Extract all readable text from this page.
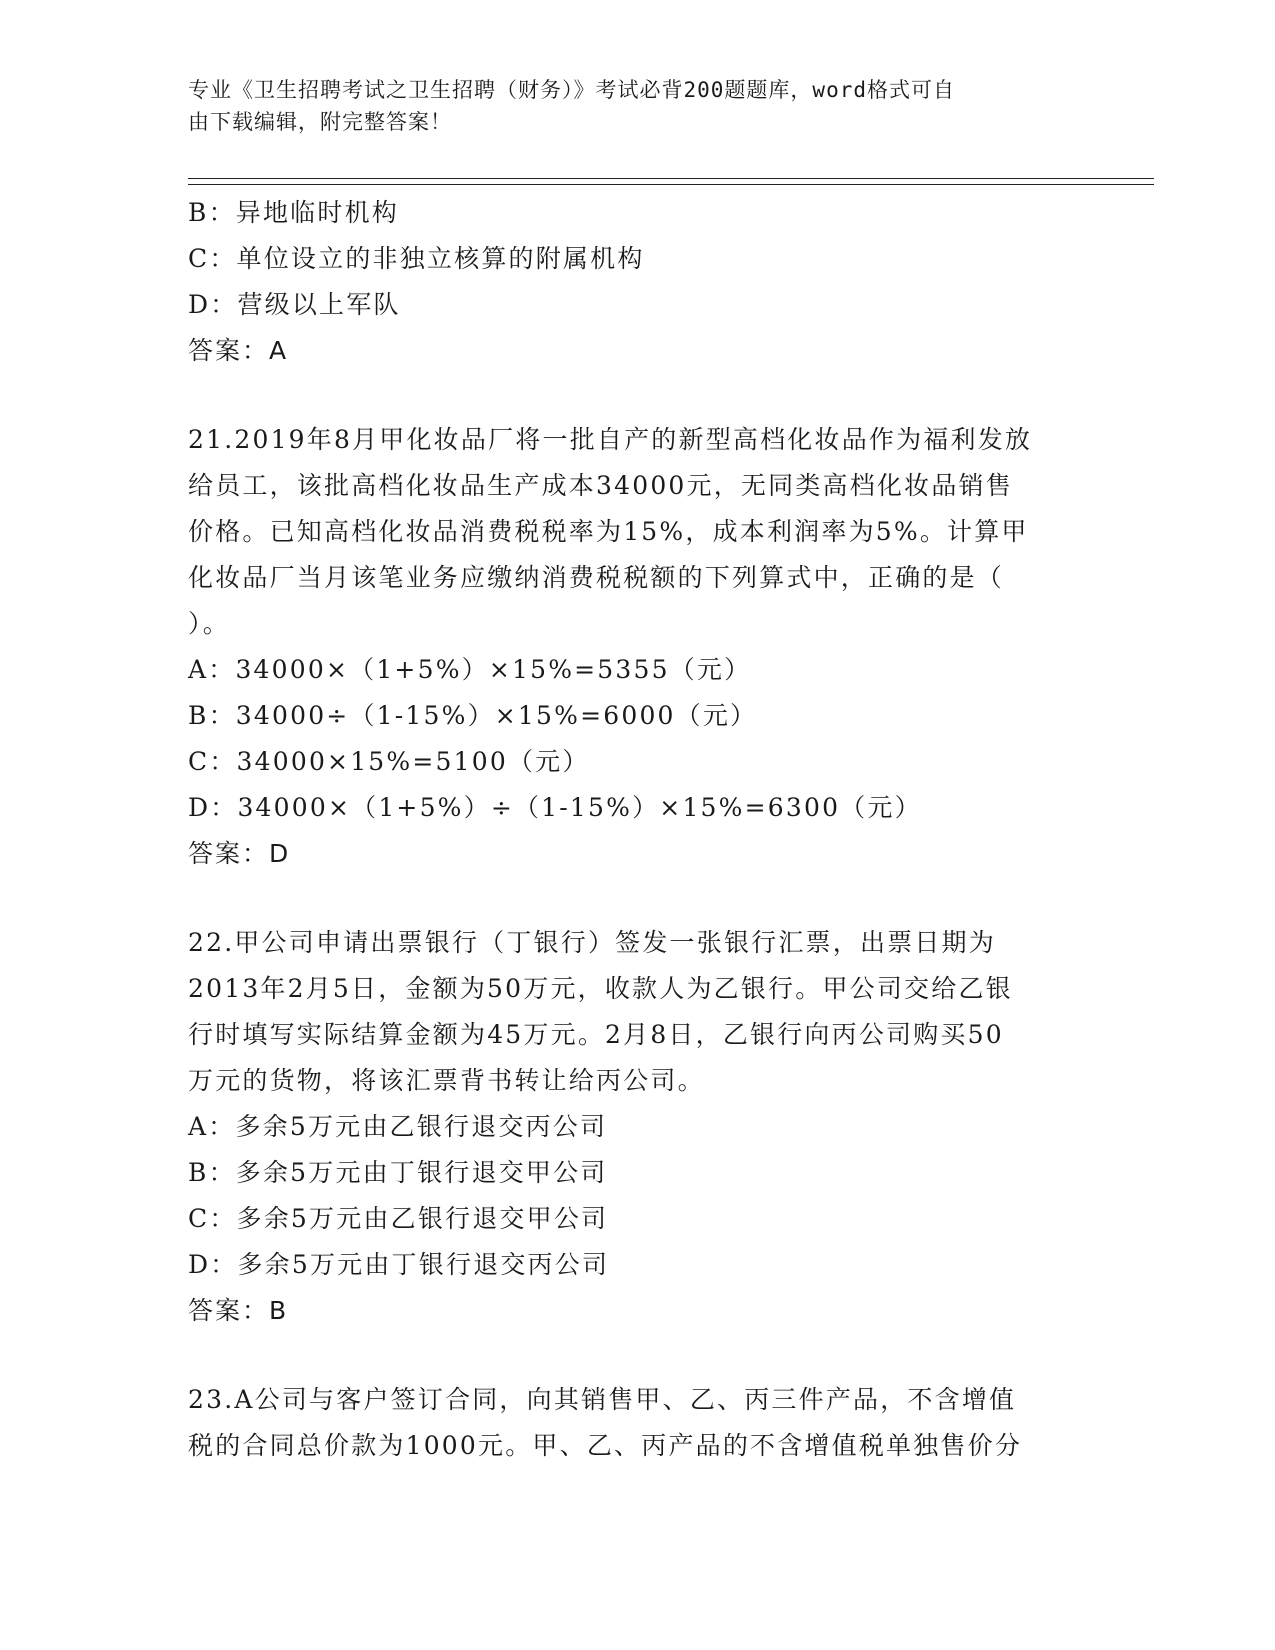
专业《卫生招聘考试之卫生招聘（财务）》考试必背200题题库，word格式可自
由下载编辑，附完整答案！
B：异地临时机构
C：单位设立的非独立核算的附属机构
D：营级以上军队
答案：A
21.2019年8月甲化妆品厂将一批自产的新型高档化妆品作为福利发放
给员工，该批高档化妆品生产成本34000元，无同类高档化妆品销售
价格。已知高档化妆品消费税税率为15%，成本利润率为5%。计算甲
化妆品厂当月该笔业务应缴纳消费税税额的下列算式中，正确的是（
）。
A：34000×（1+5%）×15%=5355（元）
B：34000÷（1-15%）×15%=6000（元）
C：34000×15%=5100（元）
D：34000×（1+5%）÷（1-15%）×15%=6300（元）
答案：D
22.甲公司申请出票银行（丁银行）签发一张银行汇票，出票日期为
2013年2月5日，金额为50万元，收款人为乙银行。甲公司交给乙银
行时填写实际结算金额为45万元。2月8日，乙银行向丙公司购买50
万元的货物，将该汇票背书转让给丙公司。
A：多余5万元由乙银行退交丙公司
B：多余5万元由丁银行退交甲公司
C：多余5万元由乙银行退交甲公司
D：多余5万元由丁银行退交丙公司
答案：B
23.A公司与客户签订合同，向其销售甲、乙、丙三件产品，不含增值
税的合同总价款为1000元。甲、乙、丙产品的不含增值税单独售价分
